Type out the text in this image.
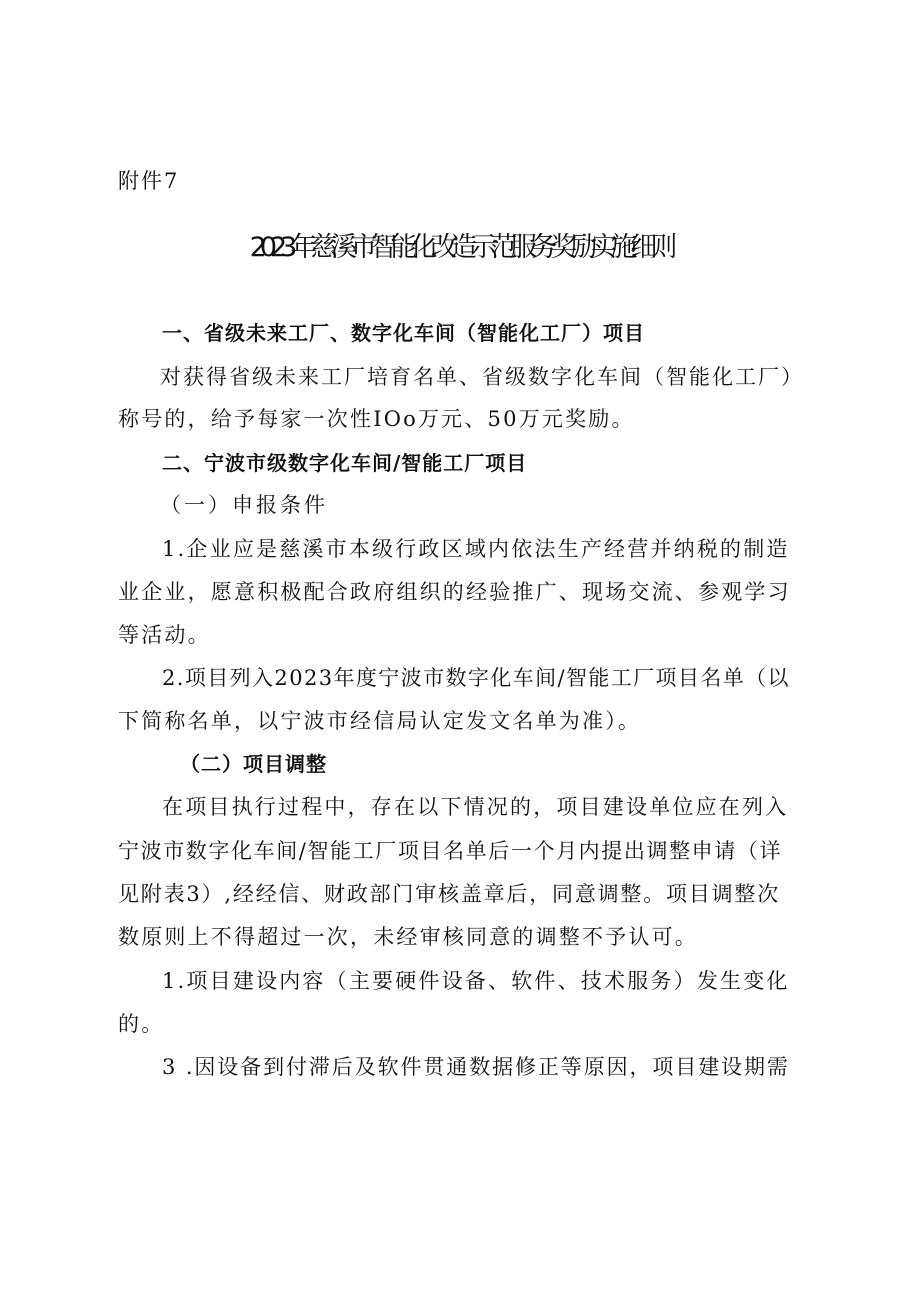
附件7
2023年慈溪市智能化改造示范服务奖励实施细则
一、省级未来工厂、数字化车间（智能化工厂）项目
对获得省级未来工厂培育名单、省级数字化车间（智能化工厂）
称号的，给予每家一次性IOo万元、50万元奖励。
二、宁波市级数字化车间/智能工厂项目
（一）申报条件
1.企业应是慈溪市本级行政区域内依法生产经营并纳税的制造
业企业，愿意积极配合政府组织的经验推广、现场交流、参观学习
等活动。
2.项目列入2023年度宁波市数字化车间/智能工厂项目名单（以
下简称名单，以宁波市经信局认定发文名单为准）。
（二）项目调整
在项目执行过程中，存在以下情况的，项目建设单位应在列入
宁波市数字化车间/智能工厂项目名单后一个月内提出调整申请（详
见附表3）,经经信、财政部门审核盖章后，同意调整。项目调整次
数原则上不得超过一次，未经审核同意的调整不予认可。
1.项目建设内容（主要硬件设备、软件、技术服务）发生变化
的。
3 .因设备到付滞后及软件贯通数据修正等原因，项目建设期需
